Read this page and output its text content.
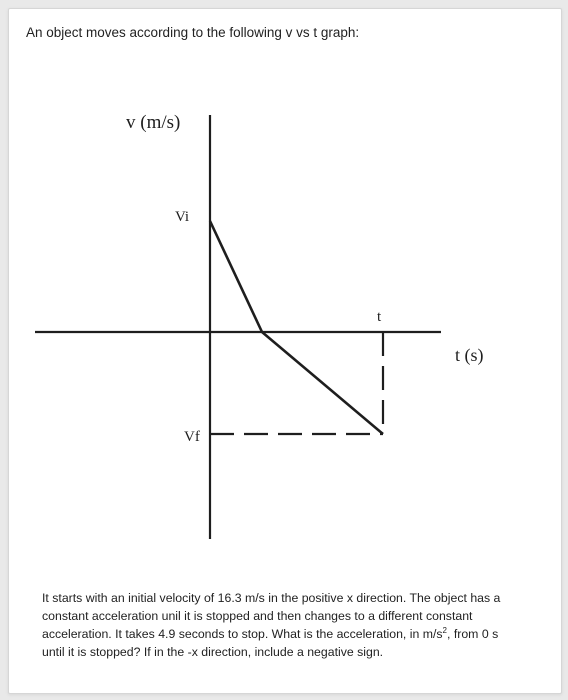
An object moves according to the following v vs t graph:

v (m/s)
t (s)
Vi
Vf
t

It starts with an initial velocity of 16.3 m/s in the positive x direction. The object has a constant acceleration unil it is stopped and then changes to a different constant acceleration. It takes 4.9 seconds to stop. What is the acceleration, in $m/s^2$, from 0 s until it is stopped? If in the -x direction, include a negative sign.
